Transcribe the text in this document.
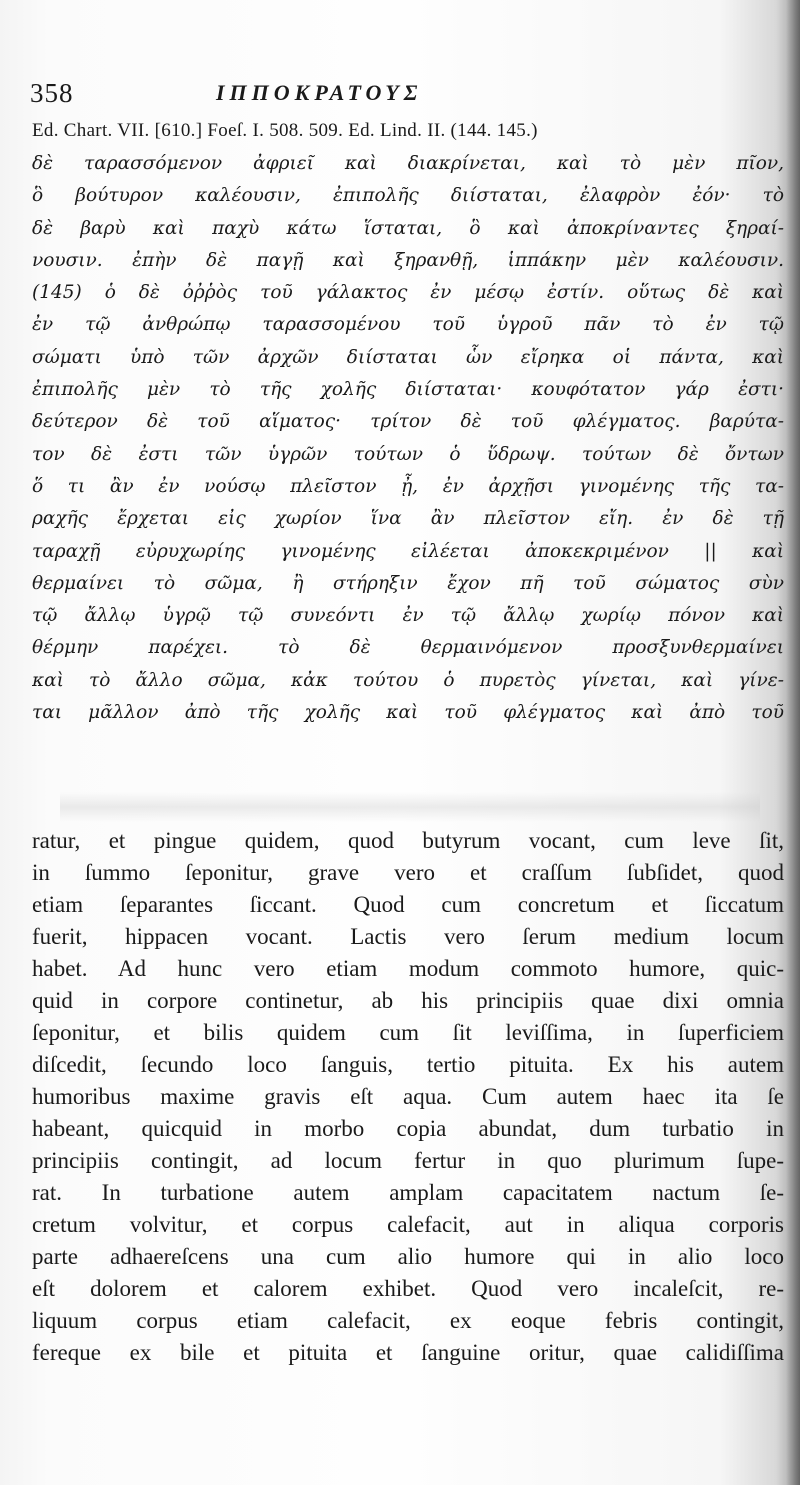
358	ΙΠΠΟΚΡΑΤΟΥΣ
Ed. Chart. VII. [610.] Foeſ. I. 508. 509. Ed. Lind. II. (144. 145.)
δὲ ταρασσόμενον ἀφριεῖ καὶ διακρίνεται, καὶ τὸ μὲν πῖον,
ὃ βούτυρον καλέουσιν, ἐπιπολῆς διίσταται, ἐλαφρὸν ἐόν· τὸ
δὲ βαρὺ καὶ παχὺ κάτω ἵσταται, ὃ καὶ ἀποκρίναντες ξηραί-
νουσιν. ἐπὴν δὲ παγῇ καὶ ξηρανθῇ, ἱππάκην μὲν καλέουσιν.
(145) ὁ δὲ ὀῤῥὸς τοῦ γάλακτος ἐν μέσῳ ἐστίν. οὕτως δὲ καὶ
ἐν τῷ ἀνθρώπῳ ταρασσομένου τοῦ ὑγροῦ πᾶν τὸ ἐν τῷ
σώματι ὑπὸ τῶν ἀρχῶν διίσταται ὧν εἴρηκα οἱ πάντα, καὶ
ἐπιπολῆς μὲν τὸ τῆς χολῆς διίσταται· κουφότατον γάρ ἐστι·
δεύτερον δὲ τοῦ αἵματος· τρίτον δὲ τοῦ φλέγματος. βαρύτα-
τον δὲ ἐστι τῶν ὑγρῶν τούτων ὁ ὕδρωψ. τούτων δὲ ὄντων
ὅ τι ἂν ἐν νούσῳ πλεῖστον ᾖ, ἐν ἀρχῇσι γινομένης τῆς τα-
ραχῆς ἔρχεται εἰς χωρίον ἵνα ἂν πλεῖστον εἴη. ἐν δὲ τῇ
ταραχῇ εὐρυχωρίης γινομένης εἰλέεται ἀποκεκριμένον || καὶ
θερμαίνει τὸ σῶμα, ἢ στήρηξιν ἔχον πῆ τοῦ σώματος σὺν
τῷ ἄλλῳ ὑγρῷ τῷ συνεόντι ἐν τῷ ἄλλῳ χωρίῳ πόνον καὶ
θέρμην παρέχει. τὸ δὲ θερμαινόμενον προσξυνθερμαίνει
καὶ τὸ ἄλλο σῶμα, κἀκ τούτου ὁ πυρετὸς γίνεται, καὶ γίνε-
ται μᾶλλον ἀπὸ τῆς χολῆς καὶ τοῦ φλέγματος καὶ ἀπὸ τοῦ
ratur, et pingue quidem, quod butyrum vocant, cum leve ſit,
in ſummo ſeponitur, grave vero et craſſum ſubſidet, quod
etiam ſeparantes ſiccant. Quod cum concretum et ſiccatum
fuerit, hippacen vocant. Lactis vero ſerum medium locum
habet. Ad hunc vero etiam modum commoto humore, quic-
quid in corpore continetur, ab his principiis quae dixi omnia
ſeponitur, et bilis quidem cum ſit leviſſima, in ſuperficiem
diſcedit, ſecundo loco ſanguis, tertio pituita. Ex his autem
humoribus maxime gravis eſt aqua. Cum autem haec ita ſe
habeant, quicquid in morbo copia abundat, dum turbatio in
principiis contingit, ad locum fertur in quo plurimum ſupe-
rat. In turbatione autem amplam capacitatem nactum ſe-
cretum volvitur, et corpus calefacit, aut in aliqua corporis
parte adhaereſcens una cum alio humore qui in alio loco
eſt dolorem et calorem exhibet. Quod vero incaleſcit, re-
liquum corpus etiam calefacit, ex eoque febris contingit,
fereque ex bile et pituita et ſanguine oritur, quae calidiſſima
